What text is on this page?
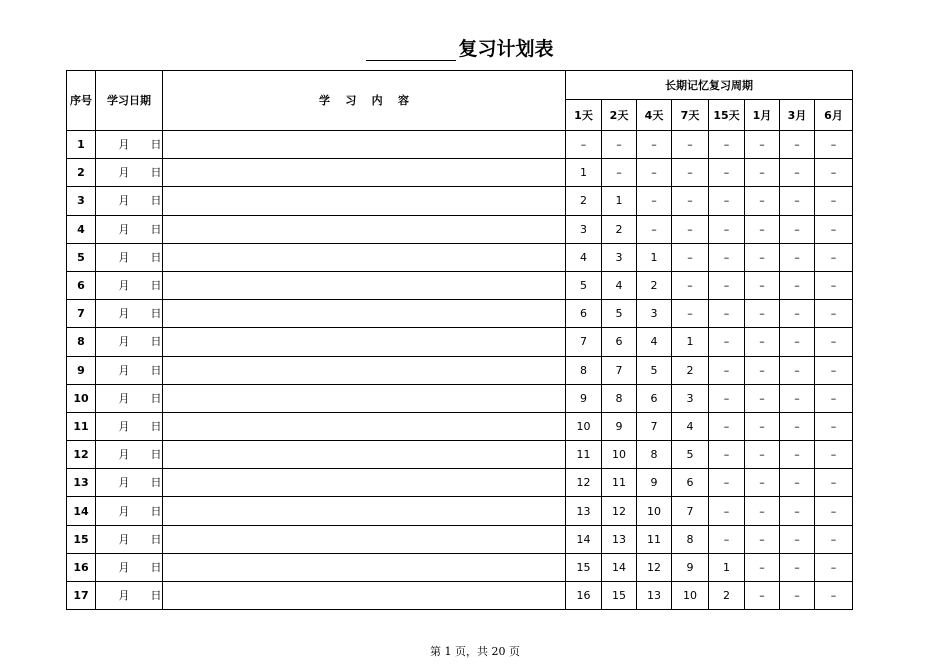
复习计划表
序号	学习日期	学    习    内    容	长期记忆复习周期							
			1天	2天	4天	7天	15天	1月	3月	6月
1	月 日		–	–	–	–	–	–	–	–
2	月 日		1	–	–	–	–	–	–	–
3	月 日		2	1	–	–	–	–	–	–
4	月 日		3	2	–	–	–	–	–	–
5	月 日		4	3	1	–	–	–	–	–
6	月 日		5	4	2	–	–	–	–	–
7	月 日		6	5	3	–	–	–	–	–
8	月 日		7	6	4	1	–	–	–	–
9	月 日		8	7	5	2	–	–	–	–
10	月 日		9	8	6	3	–	–	–	–
11	月 日		10	9	7	4	–	–	–	–
12	月 日		11	10	8	5	–	–	–	–
13	月 日		12	11	9	6	–	–	–	–
14	月 日		13	12	10	7	–	–	–	–
15	月 日		14	13	11	8	–	–	–	–
16	月 日		15	14	12	9	1	–	–	–
17	月 日		16	15	13	10	2	–	–	–
第 1 页，共 20 页
